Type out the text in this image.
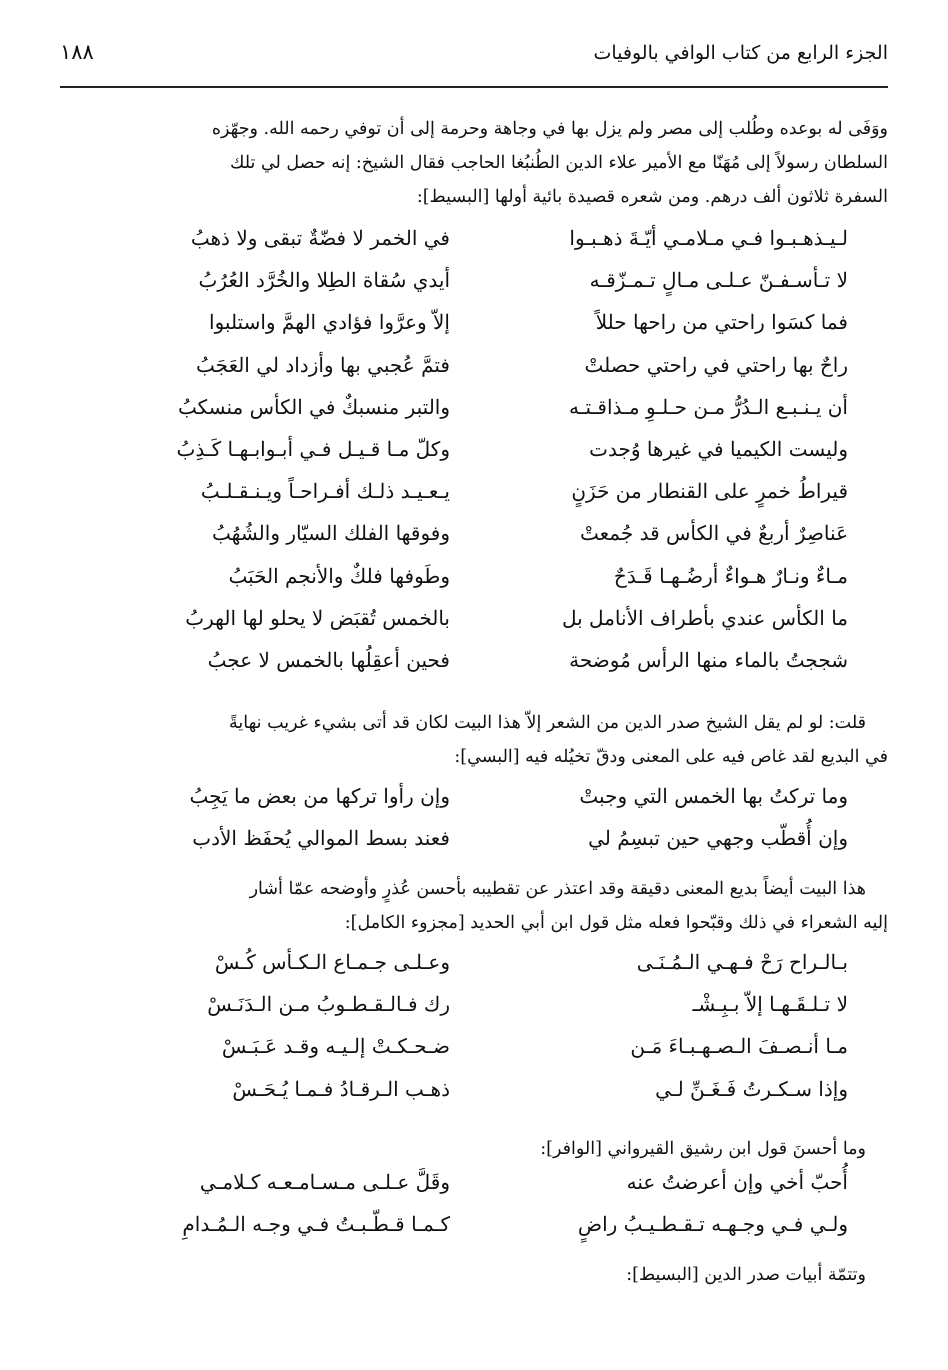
الجزء الرابع من كتاب الوافي بالوفيات
١٨٨
ووَفَى له بوعده وطُلب إلى مصر ولم يزل بها في وجاهة وحرمة إلى أن توفي رحمه الله. وجهّزه
السلطان رسولاً إلى مُهَنّا مع الأمير علاء الدين الطُنبُغا الحاجب فقال الشيخ: إنه حصل لي تلك
السفرة ثلاثون ألف درهم. ومن شعره قصيدة بائية أولها [البسيط]:
لـيـذهـبـوا فـي مـلامـي أيّـةَ ذهـبـوا
في الخمر لا فضّةٌ تبقى ولا ذهبُ
لا تـأسـفـنّ عـلـى مـالٍ تـمـزّقـه
أيدي سُقاة الطِلا والخُرَّد العُرُبُ
فما كسَوا راحتي من راحها حللاً
إلاّ وعرَّوا فؤادي الهمَّ واستلبوا
راحٌ بها راحتي في راحتي حصلتْ
فتمَّ عُجبي بها وأزداد لي العَجَبُ
أن يـنـبـع الـدُرُّ مـن حـلـوِ مـذاقـتـه
والتبر منسبكٌ في الكأس منسكبُ
وليست الكيميا في غيرها وُجدت
وكلّ مـا قـيـل فـي أبـوابـهـا كَـذِبُ
قيراطُ خمرٍ على القنطار من حَزَنٍ
يـعـيـد ذلـك أفـراحـاً ويـنـقـلـبُ
عَناصِرٌ أربعٌ في الكأس قد جُمعتْ
وفوقها الفلك السيّار والشُهُبُ
مـاءٌ ونـارٌ هـواءٌ أرضُـهـا قَـدَحٌ
وطَوفها فلكٌ والأنجم الحَبَبُ
ما الكأس عندي بأطراف الأنامل بل
بالخمس تُقبَض لا يحلو لها الهربُ
شججتُ بالماء منها الرأس مُوضحة
فحين أعقِلُها بالخمس لا عجبُ
قلت: لو لم يقل الشيخ صدر الدين من الشعر إلاّ هذا البيت لكان قد أتى بشيء غريب نهايةً
في البديع لقد غاص فيه على المعنى ودقّ تخيُله فيه [البسي]:
وما تركتُ بها الخمس التي وجبتْ
وإن رأوا تركها من بعض ما يَجِبُ
وإن أُقطّب وجهي حين تبسِمُ لي
فعند بسط الموالي يُحفَظ الأدب
هذا البيت أيضاً بديع المعنى دقيقة وقد اعتذر عن تقطيبه بأحسن عُذرٍ وأوضحه عمّا أشار
إليه الشعراء في ذلك وقبّحوا فعله مثل قول ابن أبي الحديد [مجزوء الكامل]:
بـالـراح رَحْ فـهـي الـمُـنَـى
وعـلـى جـمـاع الـكـأس كُـسْ
لا تـلـقَـهـا إلاّ بـبِـشْـ
رك فـالـقـطـوبُ مـن الـدَنَـسْ
مـا أنـصـفَ الـصـهـبـاءَ مَـن
ضـحـكـتْ إلـيـه وقـد عَـبَـسْ
وإذا سـكـرتُ فَـغَـنِّ لـي
ذهـب الـرقـادُ فـمـا يُـحَـسْ
وما أحسنَ قول ابن رشيق القيرواني [الوافر]:
أُحبّ أخي وإن أعرضتُ عنه
وقَلَّ عـلـى مـسـامـعـه كـلامـي
ولـي فـي وجـهـه تـقـطـيـبُ راضٍ
كـمـا قـطّـبـتُ فـي وجـه الـمُـدامِ
وتتمّة أبيات صدر الدين [البسيط]:
